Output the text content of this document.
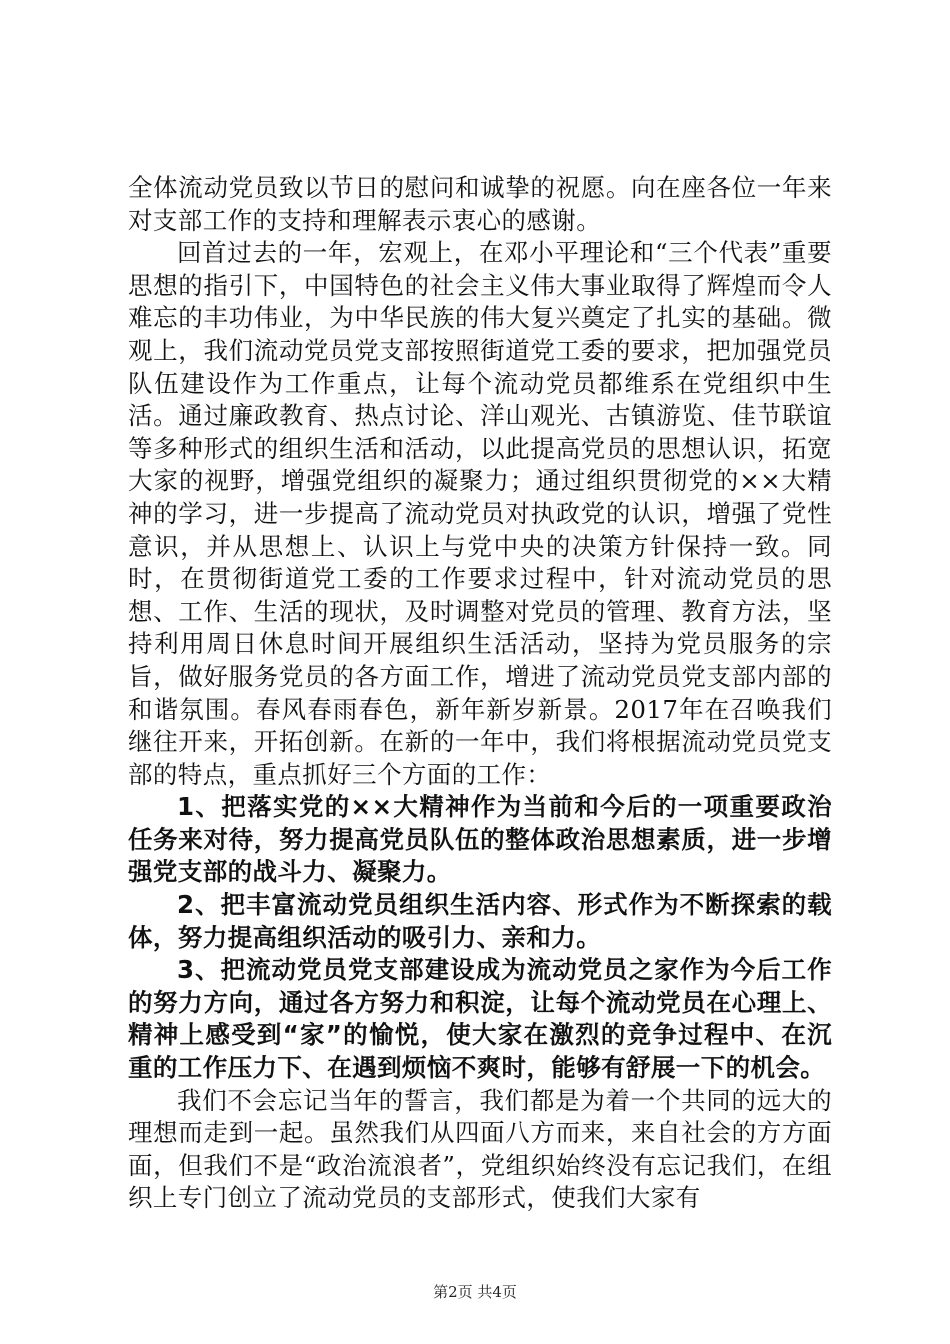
全体流动党员致以节日的慰问和诚挚的祝愿。向在座各位一年来对支部工作的支持和理解表示衷心的感谢。

回首过去的一年，宏观上，在邓小平理论和“三个代表”重要思想的指引下，中国特色的社会主义伟大事业取得了辉煌而令人难忘的丰功伟业，为中华民族的伟大复兴奠定了扎实的基础。微观上，我们流动党员党支部按照街道党工委的要求，把加强党员队伍建设作为工作重点，让每个流动党员都维系在党组织中生活。通过廉政教育、热点讨论、洋山观光、古镇游览、佳节联谊等多种形式的组织生活和活动，以此提高党员的思想认识，拓宽大家的视野，增强党组织的凝聚力；通过组织贯彻党的××大精神的学习，进一步提高了流动党员对执政党的认识，增强了党性意识，并从思想上、认识上与党中央的决策方针保持一致。同时，在贯彻街道党工委的工作要求过程中，针对流动党员的思想、工作、生活的现状，及时调整对党员的管理、教育方法，坚持利用周日休息时间开展组织生活活动，坚持为党员服务的宗旨，做好服务党员的各方面工作，增进了流动党员党支部内部的和谐氛围。春风春雨春色，新年新岁新景。2017年在召唤我们继往开来，开拓创新。在新的一年中，我们将根据流动党员党支部的特点，重点抓好三个方面的工作：

1、把落实党的××大精神作为当前和今后的一项重要政治任务来对待，努力提高党员队伍的整体政治思想素质，进一步增强党支部的战斗力、凝聚力。

2、把丰富流动党员组织生活内容、形式作为不断探索的载体，努力提高组织活动的吸引力、亲和力。

3、把流动党员党支部建设成为流动党员之家作为今后工作的努力方向，通过各方努力和积淀，让每个流动党员在心理上、精神上感受到“家”的愉悦，使大家在激烈的竞争过程中、在沉重的工作压力下、在遇到烦恼不爽时，能够有舒展一下的机会。

我们不会忘记当年的誓言，我们都是为着一个共同的远大的理想而走到一起。虽然我们从四面八方而来，来自社会的方方面面，但我们不是“政治流浪者”，党组织始终没有忘记我们，在组织上专门创立了流动党员的支部形式，使我们大家有

第2页 共4页
